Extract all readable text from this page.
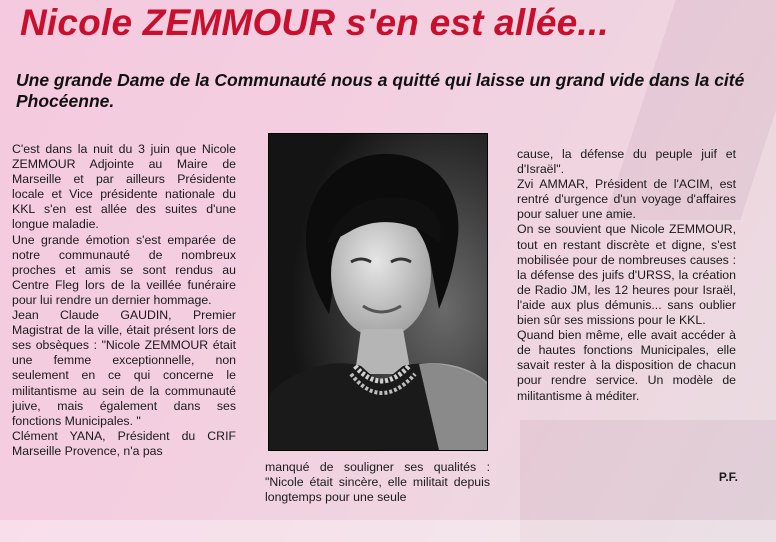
Nicole ZEMMOUR s'en est allée...
Une grande Dame de la Communauté nous a quitté qui laisse un grand vide dans la cité Phocéenne.

C'est dans la nuit du 3 juin que Nicole ZEMMOUR Adjointe au Maire de Marseille et par ailleurs Présidente locale et Vice présidente nationale du KKL s'en est allée des suites d'une longue maladie.

Une grande émotion s'est emparée de notre communauté de nombreux proches et amis se sont rendus au Centre Fleg lors de la veillée funéraire pour lui rendre un dernier hommage.

Jean Claude GAUDIN, Premier Magistrat de la ville, était présent lors de ses obsèques : "Nicole ZEMMOUR était une femme exceptionnelle, non seulement en ce qui concerne le militantisme au sein de la communauté juive, mais également dans ses fonctions Municipales. "

Clément YANA, Président du CRIF Marseille Provence, n'a pas

manqué de souligner ses qualités : "Nicole était sincère, elle militait depuis longtemps pour une seule

cause, la défense du peuple juif et d'Israël".

Zvi AMMAR, Président de l'ACIM, est rentré d'urgence d'un voyage d'affaires pour saluer une amie.

On se souvient que Nicole ZEMMOUR, tout en restant discrète et digne, s'est mobilisée pour de nombreuses causes : la défense des juifs d'URSS, la création de Radio JM, les 12 heures pour Israël, l'aide aux plus démunis... sans oublier bien sûr ses missions pour le KKL.

Quand bien même, elle avait accéder à de hautes fonctions Municipales, elle savait rester à la disposition de chacun pour rendre service. Un modèle de militantisme à méditer.

P.F.
